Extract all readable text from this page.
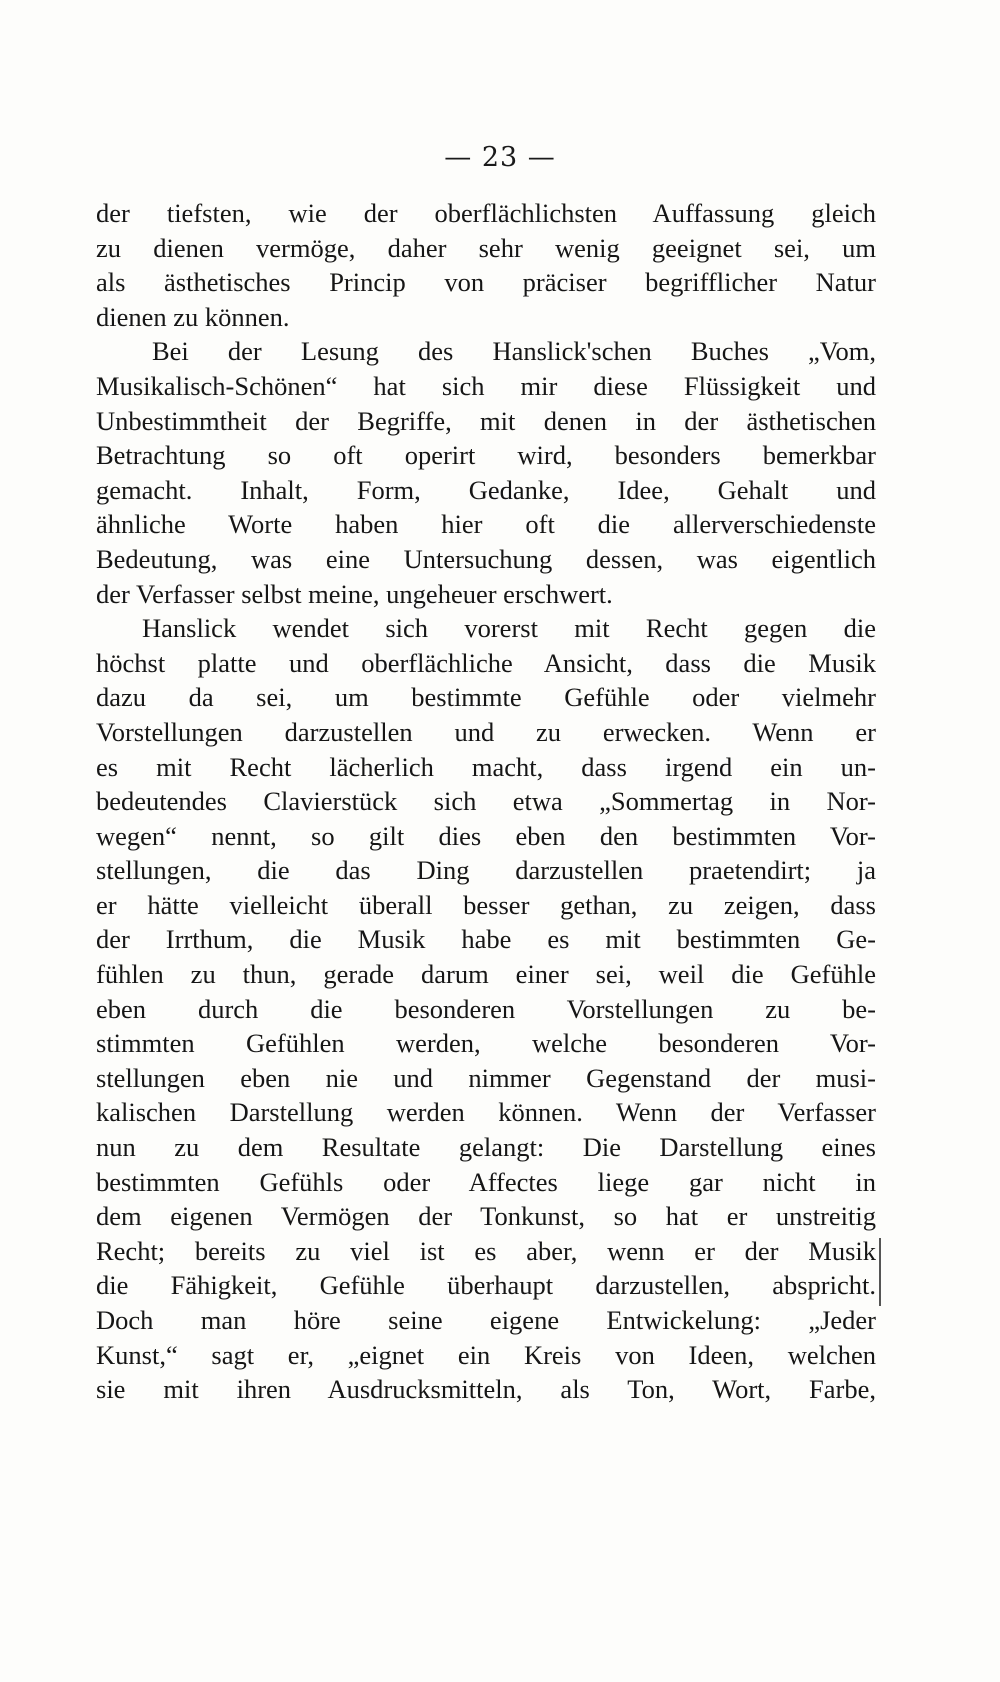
— 23 —
der tiefsten, wie der oberflächlichsten Auffassung gleich
zu dienen vermöge, daher sehr wenig geeignet sei, um
als ästhetisches Princip von präciser begrifflicher Natur
dienen zu können.
Bei der Lesung des Hanslick'schen Buches „Vom,
Musikalisch-Schönen“ hat sich mir diese Flüssigkeit und
Unbestimmtheit der Begriffe, mit denen in der ästhetischen
Betrachtung so oft operirt wird, besonders bemerkbar
gemacht. Inhalt, Form, Gedanke, Idee, Gehalt und
ähnliche Worte haben hier oft die allerverschiedenste
Bedeutung, was eine Untersuchung dessen, was eigentlich
der Verfasser selbst meine, ungeheuer erschwert.
Hanslick wendet sich vorerst mit Recht gegen die
höchst platte und oberflächliche Ansicht, dass die Musik
dazu da sei, um bestimmte Gefühle oder vielmehr
Vorstellungen darzustellen und zu erwecken. Wenn er
es mit Recht lächerlich macht, dass irgend ein un-
bedeutendes Clavierstück sich etwa „Sommertag in Nor-
wegen“ nennt, so gilt dies eben den bestimmten Vor-
stellungen, die das Ding darzustellen praetendirt; ja
er hätte vielleicht überall besser gethan, zu zeigen, dass
der Irrthum, die Musik habe es mit bestimmten Ge-
fühlen zu thun, gerade darum einer sei, weil die Gefühle
eben durch die besonderen Vorstellungen zu be-
stimmten Gefühlen werden, welche besonderen Vor-
stellungen eben nie und nimmer Gegenstand der musi-
kalischen Darstellung werden können. Wenn der Verfasser
nun zu dem Resultate gelangt: Die Darstellung eines
bestimmten Gefühls oder Affectes liege gar nicht in
dem eigenen Vermögen der Tonkunst, so hat er unstreitig
Recht; bereits zu viel ist es aber, wenn er der Musik
die Fähigkeit, Gefühle überhaupt darzustellen, abspricht.
Doch man höre seine eigene Entwickelung: „Jeder
Kunst,“ sagt er, „eignet ein Kreis von Ideen, welchen
sie mit ihren Ausdrucksmitteln, als Ton, Wort, Farbe,
